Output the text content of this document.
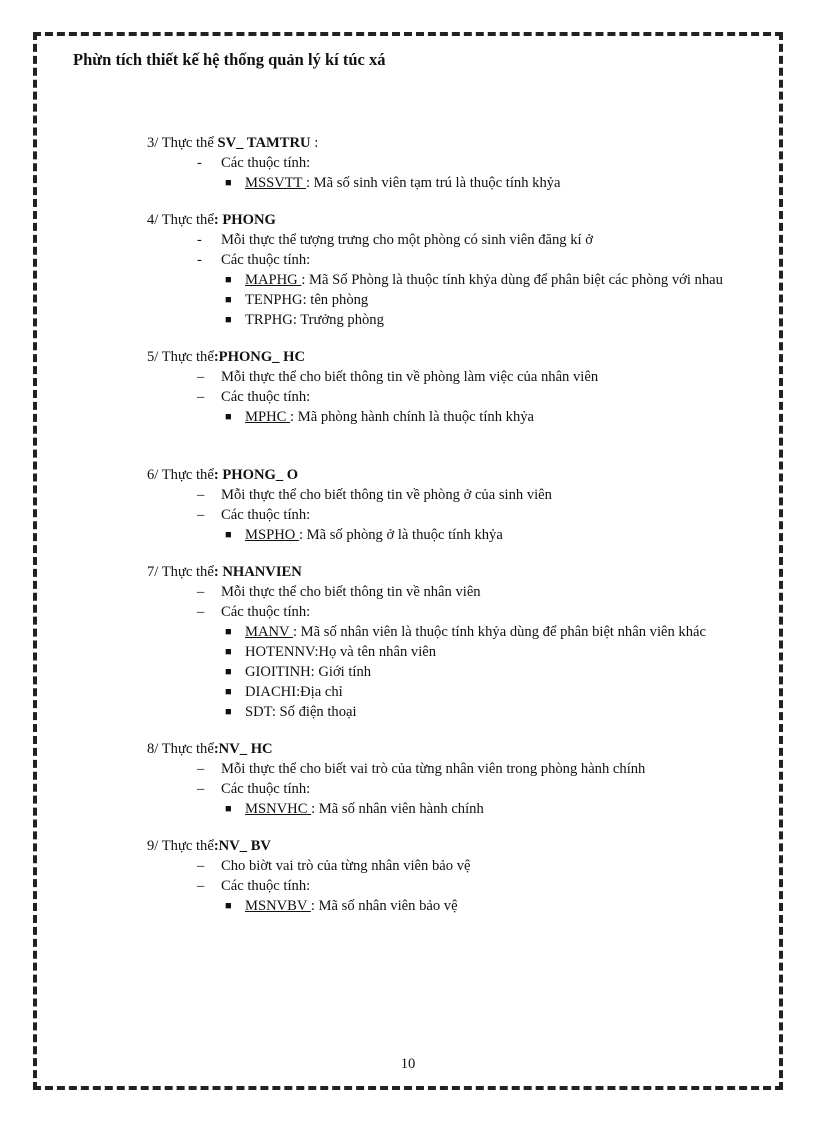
Phừn tích thiết kế hệ thống quản lý kí túc xá
3/ Thực thể SV_ TAMTRU :
- Các thuộc tính:
■ MSSVTT : Mã số sinh viên tạm trú là thuộc tính khỷa
4/ Thực thể: PHONG
- Mỗi thực thể tượng trưng cho một phòng có sinh viên đăng kí ở
- Các thuộc tính:
■ MAPHG : Mã Số Phòng là thuộc tính khỷa dùng để phân biệt các phòng với nhau
■ TENPHG: tên phòng
■ TRPHG: Trưởng phòng
5/ Thực thể:PHONG_ HC
– Mỗi thực thể cho biết thông tin về phòng làm việc của nhân viên
– Các thuộc tính:
■ MPHC : Mã phòng hành chính là thuộc tính khỷa
6/ Thực thể: PHONG_ O
– Mỗi thực thể cho biết thông tin về phòng ở của sinh viên
– Các thuộc tính:
■ MSPHO : Mã số phòng ở là thuộc tính khỷa
7/ Thực thể: NHANVIEN
– Mỗi thực thể cho biết thông tin về nhân viên
– Các thuộc tính:
■ MANV : Mã số nhân viên là thuộc tính khỷa dùng để phân biệt nhân viên khác
■ HOTENNV:Họ và tên nhân viên
■ GIOITINH: Giới tính
■ DIACHI:Địa chỉ
■ SDT: Số điện thoại
8/ Thực thể:NV_ HC
– Mỗi thực thể cho biết vai trò của từng nhân viên trong phòng hành chính
– Các thuộc tính:
■ MSNVHC : Mã số nhân viên hành chính
9/ Thực thể:NV_ BV
– Cho biờt vai trò của từng nhân viên bảo vệ
– Các thuộc tính:
■ MSNVBV : Mã số nhân viên bảo vệ
10
